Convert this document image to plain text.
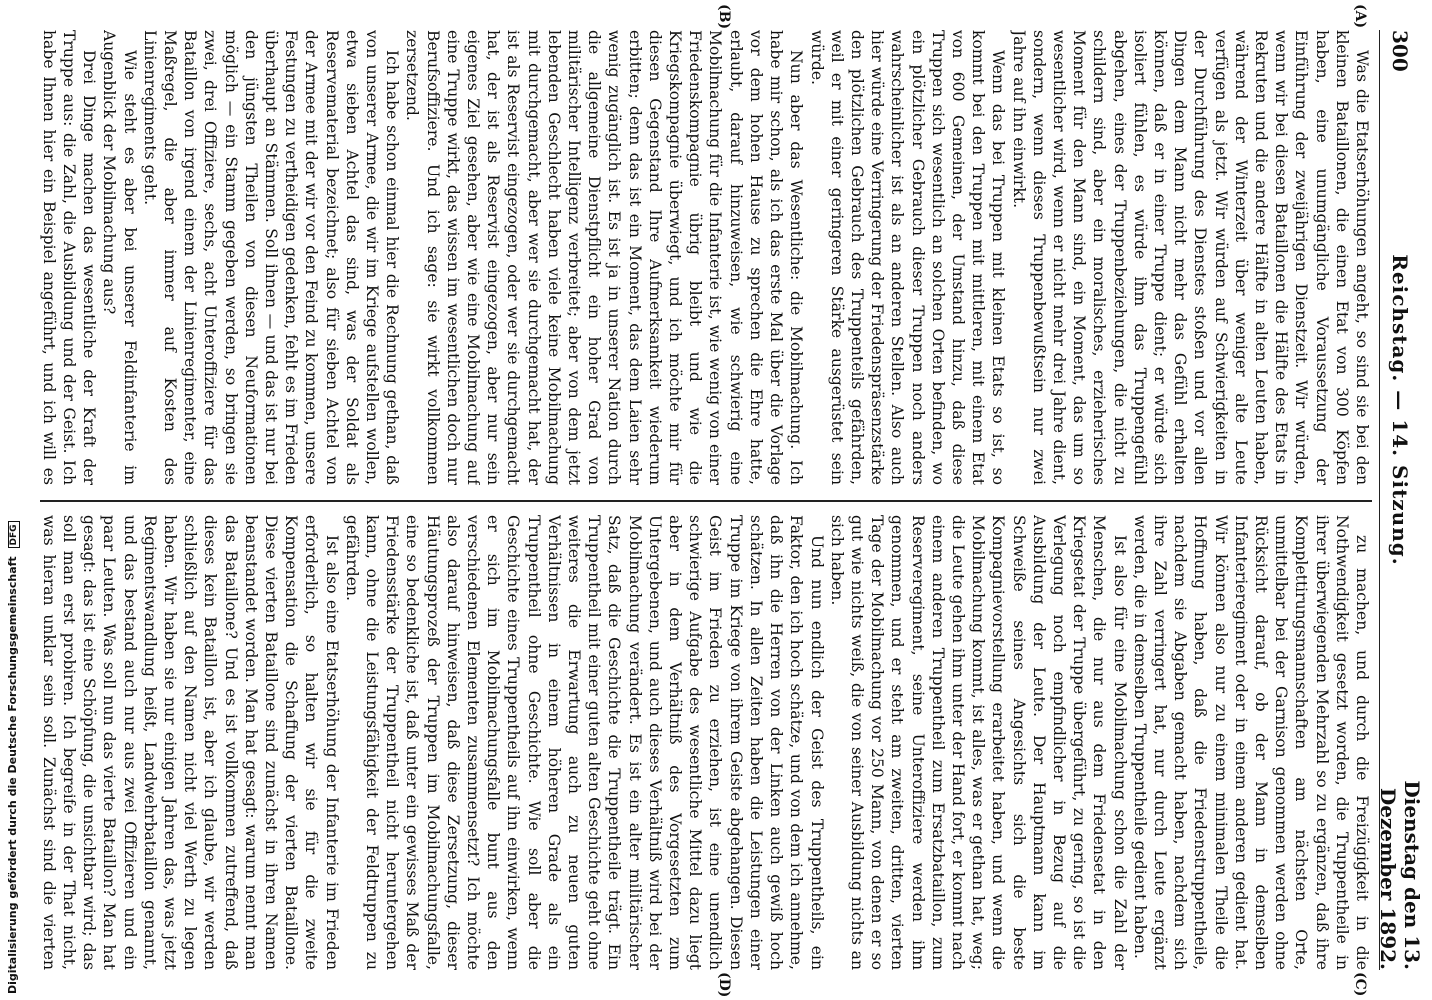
300
Reichstag. — 14. Sitzung.
Dienstag den 13. Dezember 1892.
(A)
(B)
(C)
(D)

Was die Etatserhöhungen angeht, so sind sie bei den kleinen Bataillonen, die einen Etat von 300 Köpfen haben, eine unumgängliche Voraussetzung der Einführung der zweijährigen Dienstzeit. Wir würden, wenn wir bei diesen Bataillonen die Hälfte des Etats in Rekruten und die andere Hälfte in alten Leuten haben, während der Winterzeit über weniger alte Leute verfügen als jetzt. Wir würden auf Schwierigkeiten in der Durchführung des Dienstes stoßen und vor allen Dingen dem Mann nicht mehr das Gefühl erhalten können, daß er in einer Truppe dient; er würde sich isoliert fühlen, es würde ihm das Truppengefühl abgehen, eines der Truppenbeziehungen, die nicht zu schildern sind, aber ein moralisches, erzieherisches Moment für den Mann sind, ein Moment, das um so wesentlicher wird, wenn er nicht mehr drei Jahre dient, sondern, wenn dieses Truppenbewußtsein nur zwei Jahre auf ihn einwirkt.

Wenn das bei Truppen mit kleinen Etats so ist, so kommt bei den Truppen mit mittleren, mit einem Etat von 600 Gemeinen, der Umstand hinzu, daß diese Truppen sich wesentlich an solchen Orten befinden, wo ein plötzlicher Gebrauch dieser Truppen noch anders wahrscheinlicher ist als an anderen Stellen. Also auch hier würde eine Verringerung der Friedenspräsenzstärke den plötzlichen Gebrauch des Truppenteils gefährden, weil er mit einer geringeren Stärke ausgerüstet sein würde.

Nun aber das Wesentliche: die Mobilmachung. Ich habe mir schon, als ich das erste Mal über die Vorlage vor dem hohen Hause zu sprechen die Ehre hatte, erlaubt, darauf hinzuweisen, wie schwierig eine Mobilmachung für die Infanterie ist, wie wenig von einer Friedenskompagnie übrig bleibt und wie die Kriegskompagnie überwiegt, und ich möchte mir für diesen Gegenstand Ihre Aufmerksamkeit wiederum erbitten; denn das ist ein Moment, das dem Laien sehr wenig zugänglich ist. Es ist ja in unserer Nation durch die allgemeine Dienstpflicht ein hoher Grad von militärischer Intelligenz verbreitet; aber von dem jetzt lebenden Geschlecht haben viele keine Mobilmachung mit durchgemacht, aber wer sie durchgemacht hat, der ist als Reservist eingezogen, oder wer sie durchgemacht hat, der ist als Reservist eingezogen, aber nur sein eigenes Ziel gesehen, aber wie eine Mobilmachung auf eine Truppe wirkt, das wissen im wesentlichen doch nur Berufsoffiziere. Und ich sage: sie wirkt vollkommen zersetzend.

Ich habe schon einmal hier die Rechnung gethan, daß von unserer Armee, die wir im Kriege aufstellen wollen, etwa sieben Achtel das sind, was der Soldat als Reservematerial bezeichnet; also für sieben Achtel von der Armee mit der wir vor den Feind zu kommen, unsere Festungen zu vertheidigen gedenken, fehlt es im Frieden überhaupt an Stämmen. Soll ihnen — und das ist nur bei den jüngsten Theilen von diesen Neuformationen möglich — ein Stamm gegeben werden, so bringen sie zwei, drei Offiziere, sechs, acht Unteroffiziere für das Bataillon von irgend einem der Linienregimenter, eine Maßregel, die aber immer auf Kosten des Linienregiments geht.

Wie steht es aber bei unserer Feldinfanterie im Augenblick der Mobilmachung aus?

Drei Dinge machen das wesentliche der Kraft der Truppe aus: die Zahl, die Ausbildung und der Geist. Ich habe Ihnen hier ein Beispiel angeführt, und ich will es

zu machen, und durch die Freizügigkeit in die Nothwendigkeit gesetzt worden, die Truppentheile in ihrer überwiegenden Mehrzahl so zu ergänzen, daß ihre Komplettirungsmannschaften am nächsten Orte, unmittelbar bei der Garnison genommen werden ohne Rücksicht darauf, ob der Mann in demselben Infanterieregiment oder in einem anderen gedient hat. Wir können also nur zu einem minimalen Theile die Hoffnung haben, daß die Friedenstruppentheile, nachdem sie Abgaben gemacht haben, nachdem sich ihre Zahl verringert hat, nur durch Leute ergänzt werden, die in demselben Truppentheile gedient haben.

Ist also für eine Mobilmachung schon die Zahl der Menschen, die nur aus dem Friedensetat in den Kriegsetat der Truppe übergeführt, zu gering, so ist die Verlegung noch empfindlicher in Bezug auf die Ausbildung der Leute. Der Hauptmann kann im Schweiße seines Angesichts sich die beste Kompagnievorstellung erarbeitet haben, und wenn die Mobilmachung kommt, ist alles, was er gethan hat, weg; die Leute gehen ihm unter der Hand fort, er kommt nach einem anderen Truppentheil zum Ersatzbataillon, zum Reserveregiment, seine Unteroffiziere werden ihm genommen, und er steht am zweiten, dritten, vierten Tage der Mobilmachung vor 250 Mann, von denen er so gut wie nichts weiß, die von seiner Ausbildung nichts an sich haben.

Und nun endlich der Geist des Truppentheils, ein Faktor, den ich hoch schätze, und von dem ich annehme, daß ihn die Herren von der Linken auch gewiß hoch schätzen. In allen Zeiten haben die Leistungen einer Truppe im Kriege von ihrem Geiste abgehangen. Diesen Geist im Frieden zu erziehen, ist eine unendlich schwierige Aufgabe des wesentliche Mittel dazu liegt aber in dem Verhältniß des Vorgesetzten zum Untergebenen, und auch dieses Verhältniß wird bei der Mobilmachung verändert. Es ist ein alter militärischer Satz, daß die Geschichte die Truppentheile trägt. Ein Truppentheil mit einer guten alten Geschichte geht ohne weiteres die Erwartung auch zu neuen guten Verhältnissen in einem höheren Grade als ein Truppentheil ohne Geschichte. Wie soll aber die Geschichte eines Truppentheils auf ihn einwirken, wenn er sich im Mobilmachungsfalle bunt aus den verschiedenen Elementen zusammensetzt? Ich möchte also darauf hinweisen, daß diese Zersetzung, dieser Häutungsprozeß der Truppen im Mobilmachungsfalle, eine so bedenkliche ist, daß unter ein gewisses Maß der Friedensstärke der Truppentheil nicht heruntergehen kann, ohne die Leistungsfähigkeit der Feldtruppen zu gefährden.

Ist also eine Etatserhöhung der Infanterie im Frieden erforderlich, so halten wir sie für die zweite Kompensation die Schaffung der vierten Bataillone. Diese vierten Bataillone sind zunächst in ihren Namen beanstandet worden. Man hat gesagt: warum nennt man das Bataillone? Und es ist vollkommen zutreffend, daß dieses kein Bataillon ist, aber ich glaube, wir werden schließlich auf den Namen nicht viel Werth zu legen haben. Wir haben sie nur einigen Jahren das, was jetzt Regimentswandlung heißt, Landwehrbataillon genannt, und das bestand auch nur aus zwei Offizieren und ein paar Leuten. Was soll nun das vierte Bataillon? Man hat gesagt: das ist eine Schöpfung, die unsichtbar wird; das soll man erst probiren. Ich begreife in der That nicht, was hieran unklar sein soll. Zunächst sind die vierten

Digitalisierung gefördert durch die Deutsche Forschungsgemeinschaft DFG
